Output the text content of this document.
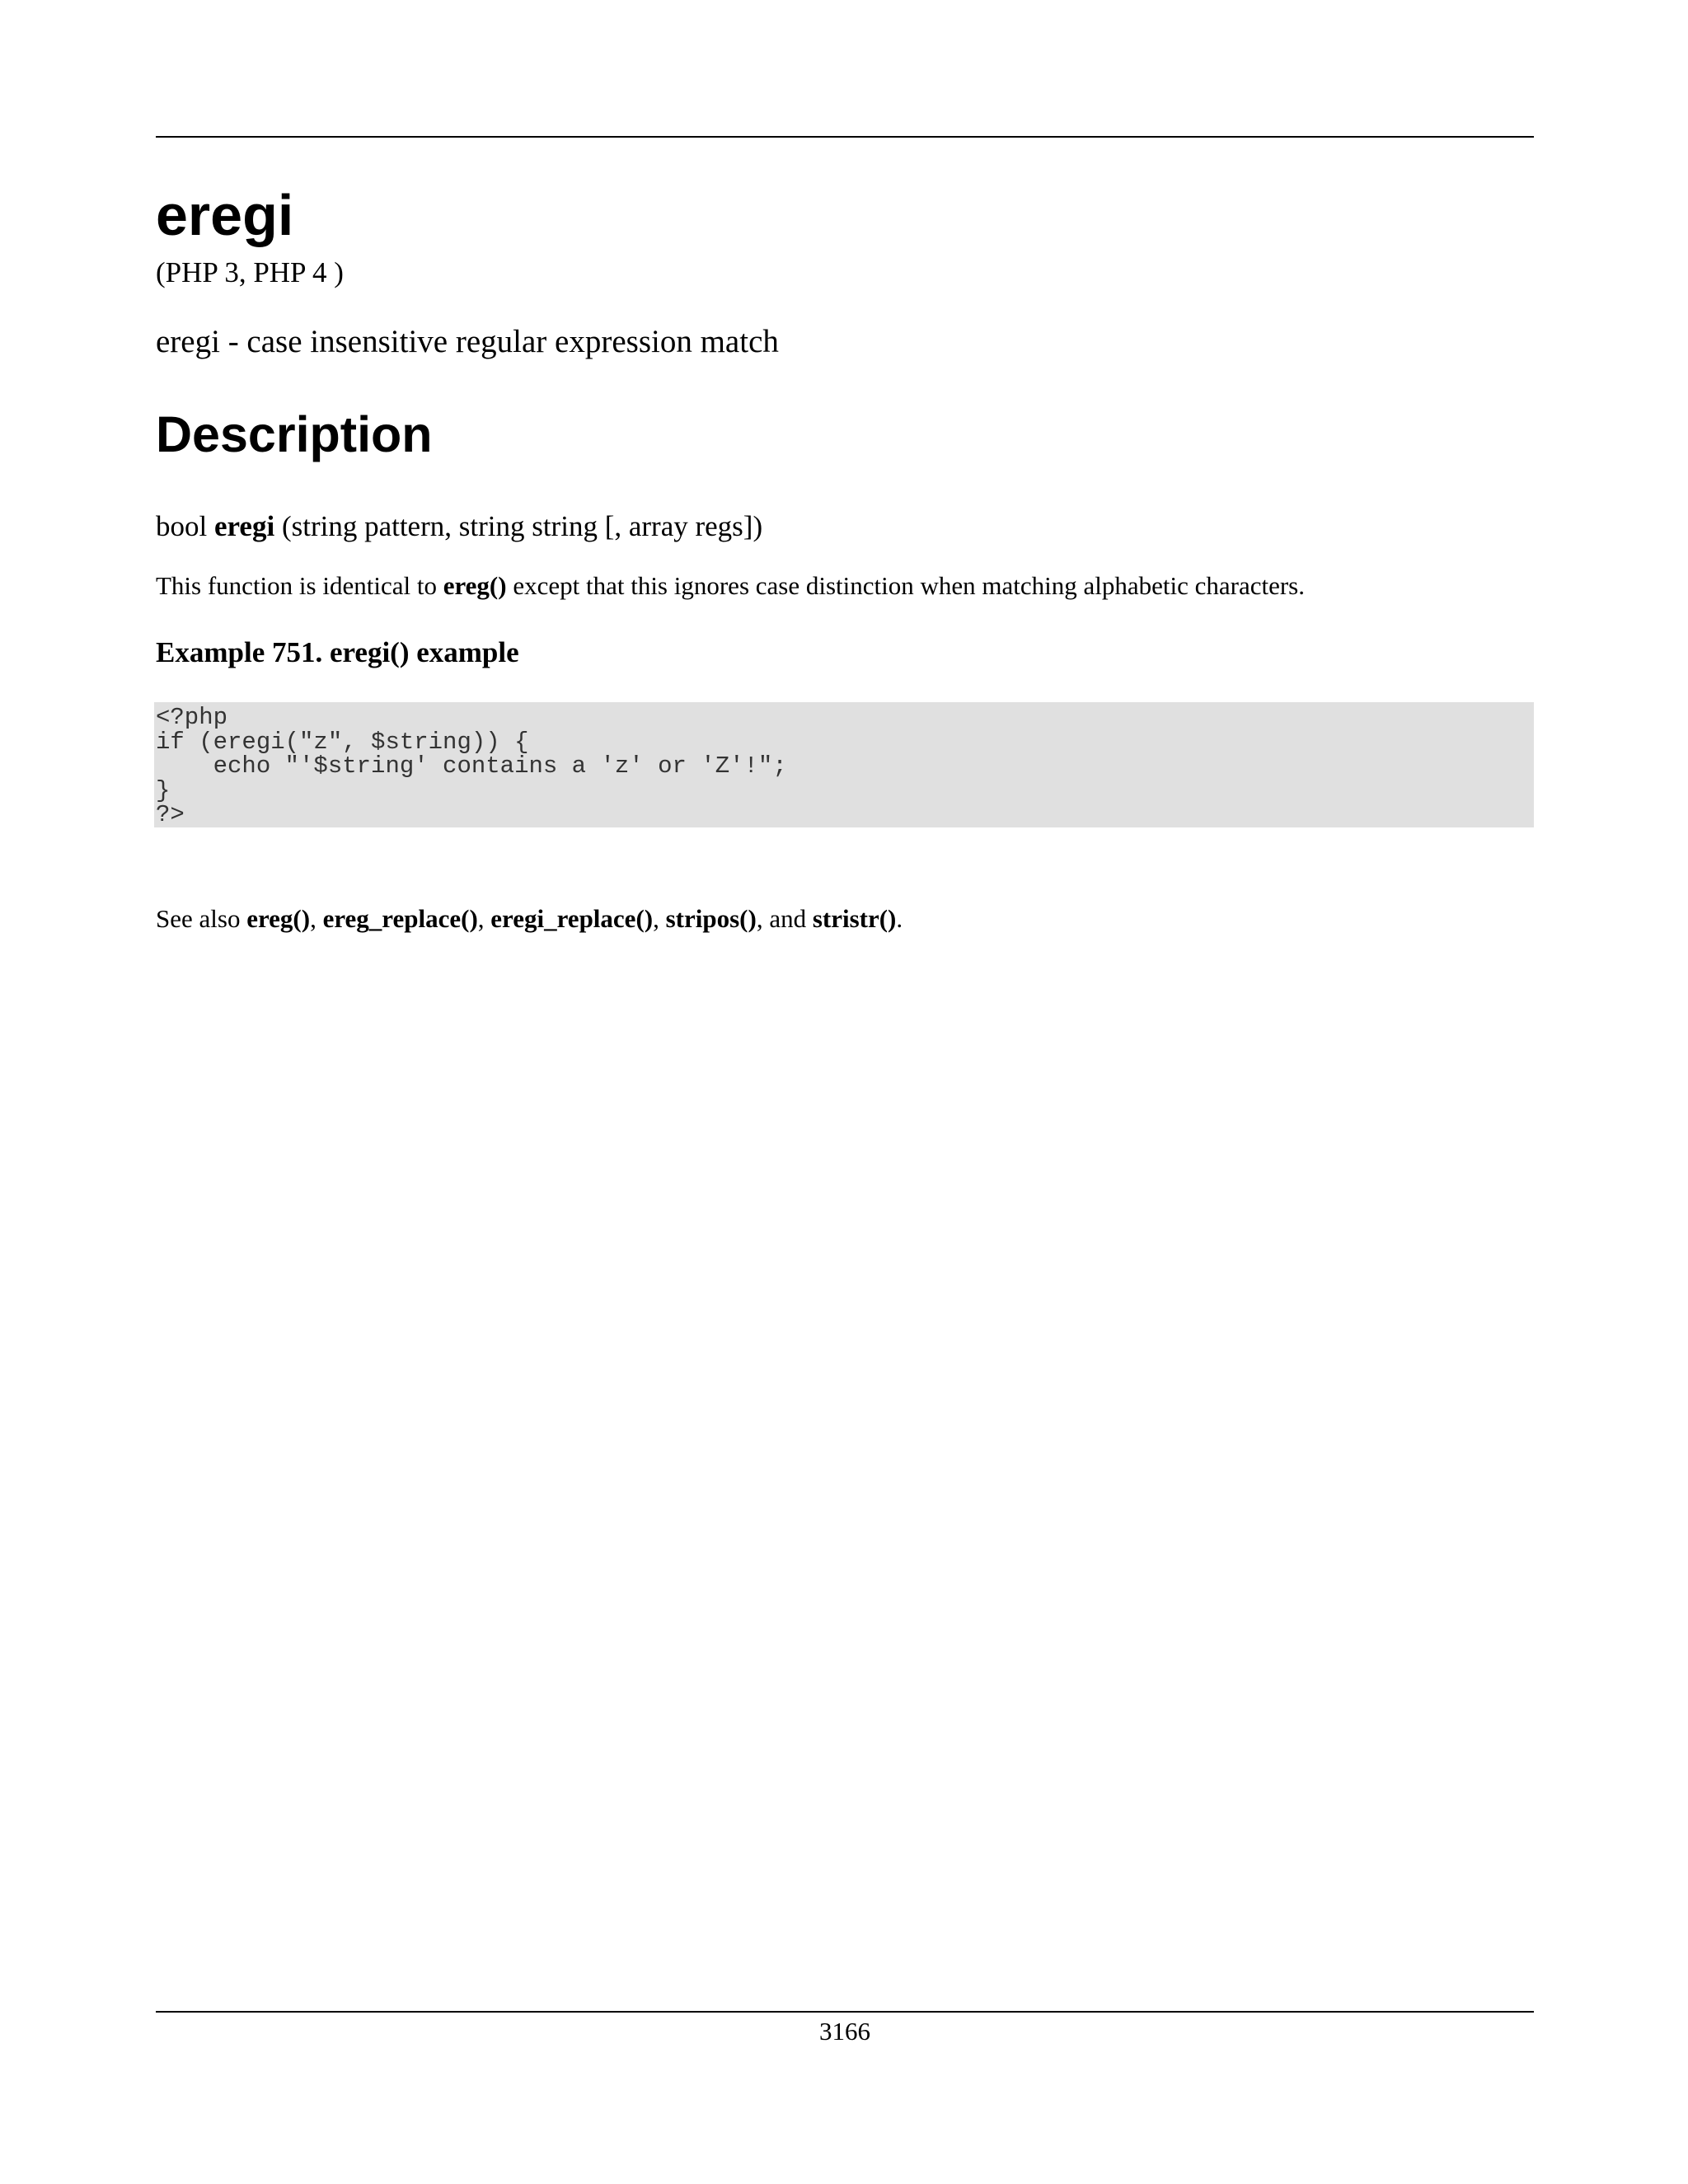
eregi

(PHP 3, PHP 4 )

eregi - case insensitive regular expression match

Description

bool eregi (string pattern, string string [, array regs])

This function is identical to ereg() except that this ignores case distinction when matching alphabetic characters.

Example 751. eregi() example

<?php
if (eregi("z", $string)) {
echo "'$string' contains a 'z' or 'Z'!";
}
?>

See also ereg(), ereg_replace(), eregi_replace(), stripos(), and stristr().

3166
